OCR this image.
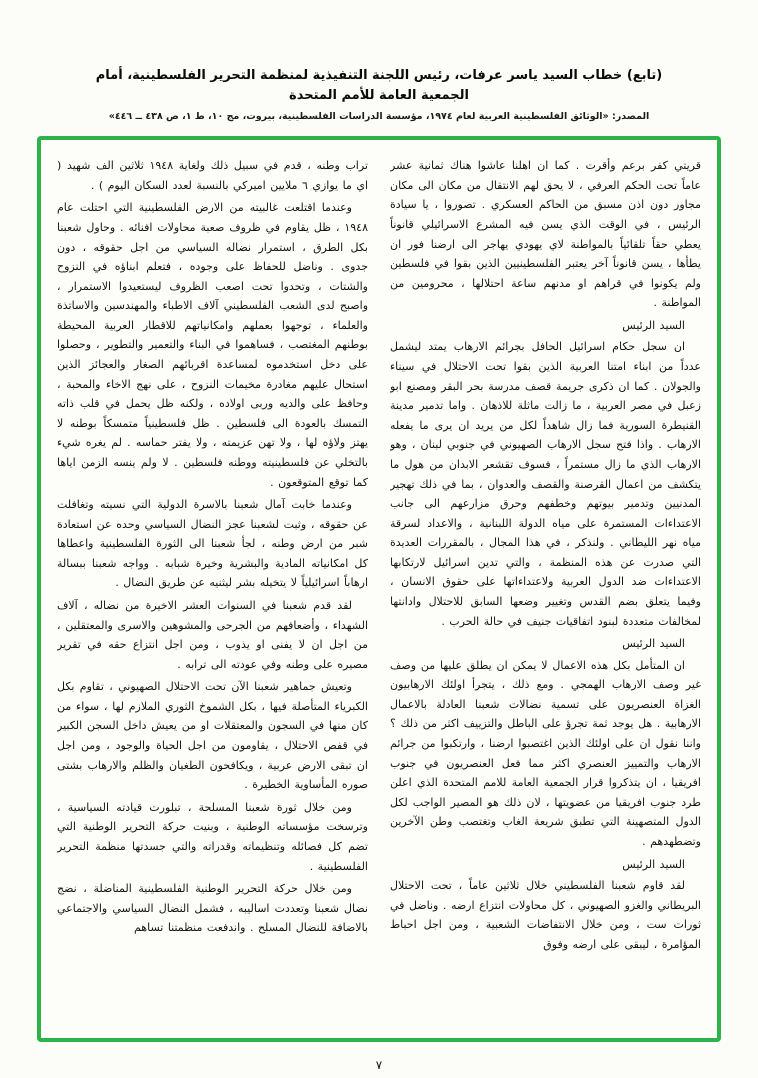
(تابع) خطاب السيد ياسر عرفات، رئيس اللجنة التنفيذية لمنظمة التحرير الفلسطينية، أمام الجمعية العامة للأمم المتحدة
المصدر: «الوثائق الفلسطينية العربية لعام ١٩٧٤، مؤسسة الدراسات الفلسطينية، بيروت، مج ١٠، ط ١، ص ٤٣٨ ــ ٤٤٦»

قريتي كفر برعم وأقرت . كما ان اهلنا عاشوا هناك ثمانية عشر عاماً تحت الحكم العرفي ، لا يحق لهم الانتقال من مكان الى مكان مجاور دون اذن مسبق من الحاكم العسكري . تصوروا ، يا سيادة الرئيس ، في الوقت الذي يسن فيه المشرع الاسرائيلي قانوناً يعطي حقاً تلقائياً بالمواطنة لاي يهودي يهاجر الى ارضنا فور ان يطأها ، يسن قانوناً آخر يعتبر الفلسطينيين الذين بقوا في فلسطين ولم يكونوا في قراهم او مدنهم ساعة احتلالها ، محرومين من المواطنة .

السيد الرئيس

ان سجل حكام اسرائيل الحافل بجرائم الارهاب يمتد ليشمل عدداً من ابناء امتنا العربية الذين بقوا تحت الاحتلال في سيناء والجولان . كما ان ذكرى جريمة قصف مدرسة بحر البقر ومصنع ابو زعبل في مصر العربية ، ما زالت ماثلة للاذهان . واما تدمير مدينة القنيطرة السورية فما زال شاهداً لكل من يريد ان يرى ما يفعله الارهاب . واذا فتح سجل الارهاب الصهيوني في جنوبي لبنان ، وهو الارهاب الذي ما زال مستمراً ، فسوف تقشعر الابدان من هول ما يتكشف من اعمال القرصنة والقصف والعدوان ، بما في ذلك تهجير المدنيين وتدمير بيوتهم وخطفهم وحرق مزارعهم الى جانب الاعتداءات المستمرة على مياه الدولة اللبنانية ، والاعداد لسرقة مياه نهر الليطاني . ولنذكر ، في هذا المجال ، بالمقررات العديدة التي صدرت عن هذه المنظمة ، والتي تدين اسرائيل لارتكابها الاعتداءات ضد الدول العربية ولاعتداءاتها على حقوق الانسان ، وفيما يتعلق بضم القدس وتغيير وضعها السابق للاحتلال وادانتها لمخالفات متعددة لبنود اتفاقيات جنيف في حالة الحرب .

السيد الرئيس

ان المتأمل بكل هذه الاعمال لا يمكن ان يطلق عليها من وصف غير وصف الارهاب الهمجي . ومع ذلك ، يتجرأ اولئك الارهابيون الغزاة العنصريون على تسمية نضالات شعبنا العادلة بالاعمال الارهابية . هل يوجد ثمة تجرؤ على الباطل والتزييف اكثر من ذلك ؟ واننا نقول ان على اولئك الذين اغتصبوا ارضنا ، وارتكبوا من جرائم الارهاب والتمييز العنصري اكثر مما فعل العنصريون في جنوب افريقيا ، ان يتذكروا قرار الجمعية العامة للامم المتحدة الذي اعلن طرد جنوب افريقيا من عضويتها ، لان ذلك هو المصير الواجب لكل الدول المتصهينة التي تطبق شريعة الغاب وتغتصب وطن الآخرين وتضطهدهم .

السيد الرئيس

لقد قاوم شعبنا الفلسطيني خلال ثلاثين عاماً ، تحت الاحتلال البريطاني والغزو الصهيوني ، كل محاولات انتزاع ارضه . وناضل في ثورات ست ، ومن خلال الانتفاضات الشعبية ، ومن اجل احباط المؤامرة ، ليبقى على ارضه وفوق

تراب وطنه ، قدم في سبيل ذلك ولغاية ١٩٤٨ ثلاثين الف شهيد ( اي ما يوازي ٦ ملايين اميركي بالنسبة لعدد السكان اليوم ) .

وعندما اقتلعت غالبيته من الارض الفلسطينية التي احتلت عام ١٩٤٨ ، ظل يقاوم في ظروف صعبة محاولات افنائه . وحاول شعبنا بكل الطرق ، استمرار نضاله السياسي من اجل حقوقه ، دون جدوى . وناضل للحفاظ على وجوده ، فتعلم ابناؤه في النزوح والشتات ، وتحدوا تحت اصعب الظروف ليستعيدوا الاستمرار ، واصبح لدى الشعب الفلسطيني آلاف الاطباء والمهندسين والاساتذة والعلماء ، توجهوا بعملهم وامكانياتهم للاقطار العربية المحيطة بوطنهم المغتصب ، فساهموا في البناء والتعمير والتطوير ، وحصلوا على دخل استخدموه لمساعدة اقربائهم الصغار والعجائز الذين استحال عليهم مغادرة مخيمات النزوح ، على نهج الاخاء والمحبة ، وحافظ على والديه وربى اولاده ، ولكنه ظل يحمل في قلب ذاته التمسك بالعودة الى فلسطين . ظل فلسطينياً متمسكاً بوطنه لا يهتز ولاؤه لها ، ولا تهن عزيمته ، ولا يفتر حماسه . لم يغره شيء بالتخلي عن فلسطينيته ووطنه فلسطين . لا ولم ينسه الزمن اياها كما توقع المتوقعون .

وعندما خابت آمال شعبنا بالاسرة الدولية التي نسيته وتغافلت عن حقوقه ، وثبت لشعبنا عجز النضال السياسي وحده عن استعادة شبر من ارض وطنه ، لجأ شعبنا الى الثورة الفلسطينية واعطاها كل امكانياته المادية والبشرية وخيرة شبابه . وواجه شعبنا ببسالة ارهاباً اسرائيلياً لا يتخيله بشر ليثنيه عن طريق النضال .

لقد قدم شعبنا في السنوات العشر الاخيرة من نضاله ، آلاف الشهداء ، وأضعافهم من الجرحى والمشوهين والاسرى والمعتقلين ، من اجل ان لا يفنى او يذوب ، ومن اجل انتزاع حقه في تقرير مصيره على وطنه وفي عودته الى ترابه .

وتعيش جماهير شعبنا الآن تحت الاحتلال الصهيوني ، تقاوم بكل الكبرياء المتأصلة فيها ، بكل الشموخ الثوري الملازم لها ، سواء من كان منها في السجون والمعتقلات او من يعيش داخل السجن الكبير في قفص الاحتلال ، يقاومون من اجل الحياة والوجود ، ومن اجل ان تبقى الارض عربية ، ويكافحون الطغيان والظلم والارهاب بشتى صوره المأساوية الخطيرة .

ومن خلال ثورة شعبنا المسلحة ، تبلورت قيادته السياسية ، وترسخت مؤسساته الوطنية ، وبنيت حركة التحرير الوطنية التي تضم كل فصائله وتنظيماته وقدراته والتي جسدتها منظمة التحرير الفلسطينية .

ومن خلال حركة التحرير الوطنية الفلسطينية المناضلة ، نضج نضال شعبنا وتعددت اساليبه ، فشمل النضال السياسي والاجتماعي بالاضافة للنضال المسلح . واندفعت منظمتنا تساهم

٧
